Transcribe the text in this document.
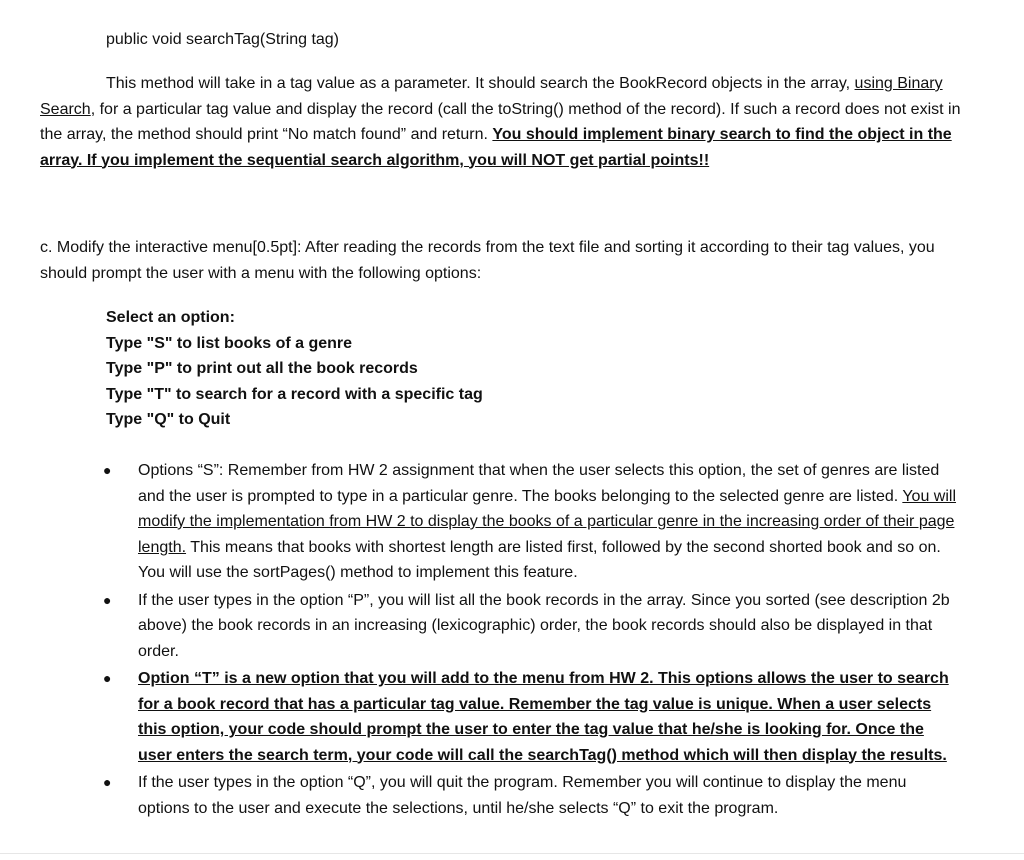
public void searchTag(String tag)

This method will take in a tag value as a parameter. It should search the BookRecord objects in the array, using Binary Search, for a particular tag value and display the record (call the toString() method of the record). If such a record does not exist in the array, the method should print “No match found” and return. You should implement binary search to find the object in the array. If you implement the sequential search algorithm, you will NOT get partial points!!

c. Modify the interactive menu[0.5pt]: After reading the records from the text file and sorting it according to their tag values, you should prompt the user with a menu with the following options:

Select an option:
Type "S" to list books of a genre
Type "P" to print out all the book records
Type "T" to search for a record with a specific tag
Type "Q" to Quit
● Options “S”: Remember from HW 2 assignment that when the user selects this option, the set of genres are listed and the user is prompted to type in a particular genre. The books belonging to the selected genre are listed. You will modify the implementation from HW 2 to display the books of a particular genre in the increasing order of their page length. This means that books with shortest length are listed first, followed by the second shorted book and so on. You will use the sortPages() method to implement this feature.
● If the user types in the option “P”, you will list all the book records in the array. Since you sorted (see description 2b above) the book records in an increasing (lexicographic) order, the book records should also be displayed in that order.
● Option “T” is a new option that you will add to the menu from HW 2. This options allows the user to search for a book record that has a particular tag value. Remember the tag value is unique. When a user selects this option, your code should prompt the user to enter the tag value that he/she is looking for. Once the user enters the search term, your code will call the searchTag() method which will then display the results.
● If the user types in the option “Q”, you will quit the program. Remember you will continue to display the menu options to the user and execute the selections, until he/she selects “Q” to exit the program.
